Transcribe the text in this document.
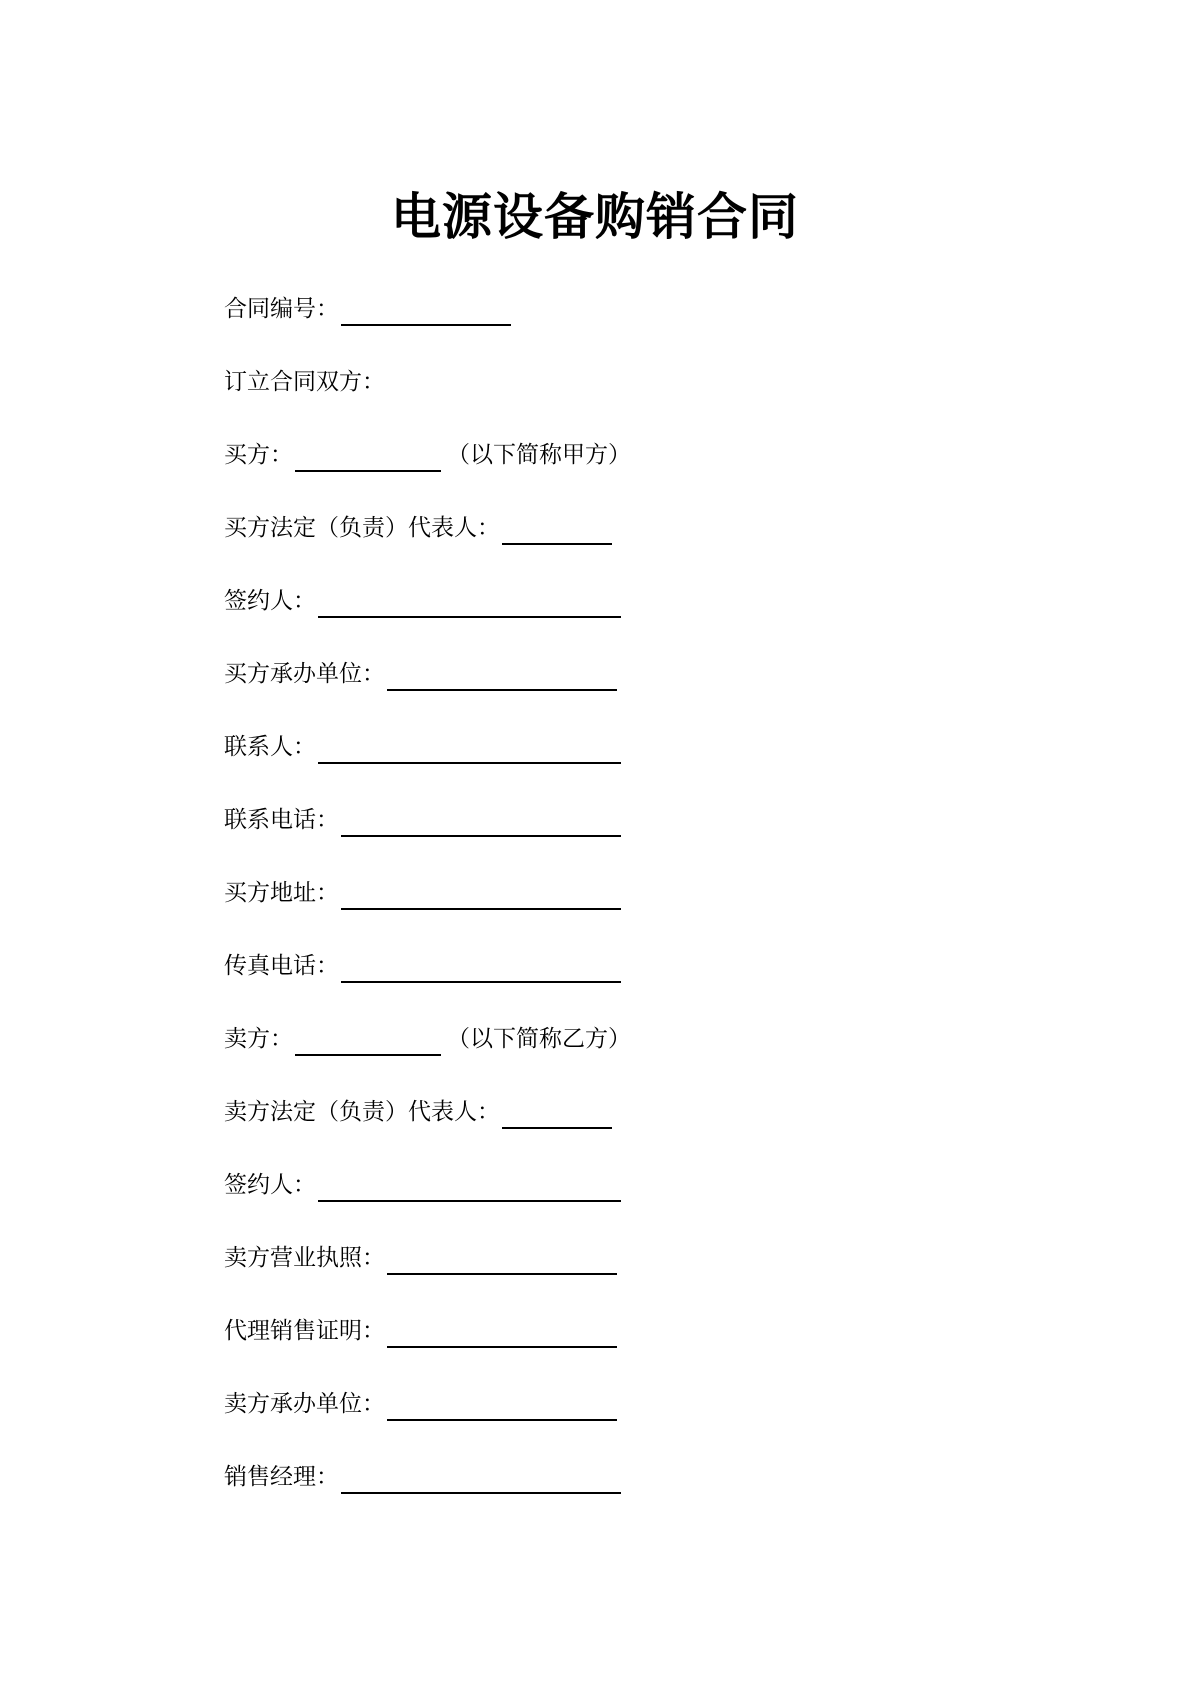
电源设备购销合同
合同编号：
订立合同双方：
买方：	（以下简称甲方）
买方法定（负责）代表人：
签约人：
买方承办单位：
联系人：
联系电话：
买方地址：
传真电话：
卖方：	（以下简称乙方）
卖方法定（负责）代表人：
签约人：
卖方营业执照：
代理销售证明：
卖方承办单位：
销售经理：
